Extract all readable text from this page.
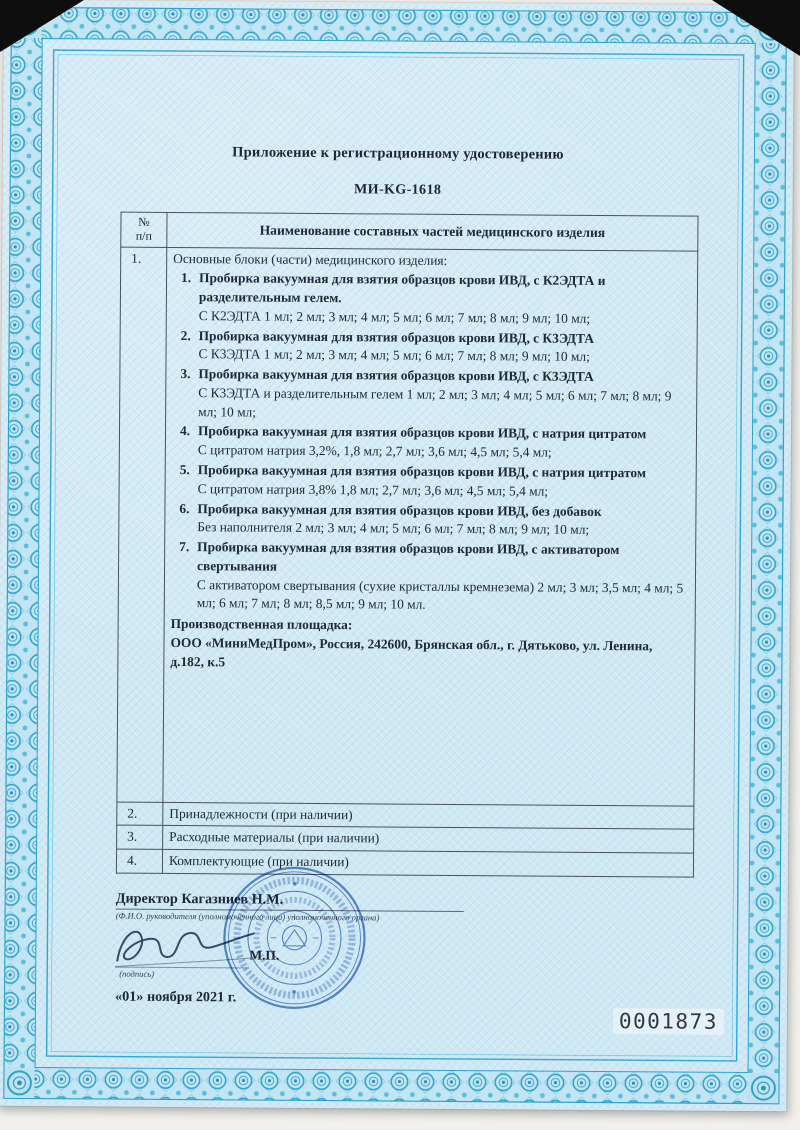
Приложение к регистрационному удостоверению
МИ-KG-1618
№
п/п	Наименование составных частей медицинского изделия
1.	Основные блоки (части) медицинского изделия:
1. Пробирка вакуумная для взятия образцов крови ИВД, с К2ЭДТА и разделительным гелем.
С К2ЭДТА 1 мл; 2 мл; 3 мл; 4 мл; 5 мл; 6 мл; 7 мл; 8 мл; 9 мл; 10 мл;
2. Пробирка вакуумная для взятия образцов крови ИВД, с К3ЭДТА
С К3ЭДТА 1 мл; 2 мл; 3 мл; 4 мл; 5 мл; 6 мл; 7 мл; 8 мл; 9 мл; 10 мл;
3. Пробирка вакуумная для взятия образцов крови ИВД, с К3ЭДТА
С К3ЭДТА и разделительным гелем 1 мл; 2 мл; 3 мл; 4 мл; 5 мл; 6 мл; 7 мл; 8 мл; 9 мл; 10 мл;
4. Пробирка вакуумная для взятия образцов крови ИВД, с натрия цитратом
С цитратом натрия 3,2%, 1,8 мл; 2,7 мл; 3,6 мл; 4,5 мл; 5,4 мл;
5. Пробирка вакуумная для взятия образцов крови ИВД, с натрия цитратом
С цитратом натрия 3,8% 1,8 мл; 2,7 мл; 3,6 мл; 4,5 мл; 5,4 мл;
6. Пробирка вакуумная для взятия образцов крови ИВД, без добавок
Без наполнителя 2 мл; 3 мл; 4 мл; 5 мл; 6 мл; 7 мл; 8 мл; 9 мл; 10 мл;
7. Пробирка вакуумная для взятия образцов крови ИВД, с активатором свертывания
С активатором свертывания (сухие кристаллы кремнезема) 2 мл; 3 мл; 3,5 мл; 4 мл; 5 мл; 6 мл; 7 мл; 8 мл; 8,5 мл; 9 мл; 10 мл.
Производственная площадка:
ООО «МиниМедПром», Россия, 242600, Брянская обл., г. Дятьково, ул. Ленина, д.182, к.5

2.	Принадлежности (при наличии)
3.	Расходные материалы (при наличии)
4.	Комплектующие (при наличии)
Директор Кагазниев Н.М.
(Ф.И.О. руководителя (уполномоченного лица) уполномоченного органа)
М.П.
(подпись)
«01» ноября 2021 г.
0001873
